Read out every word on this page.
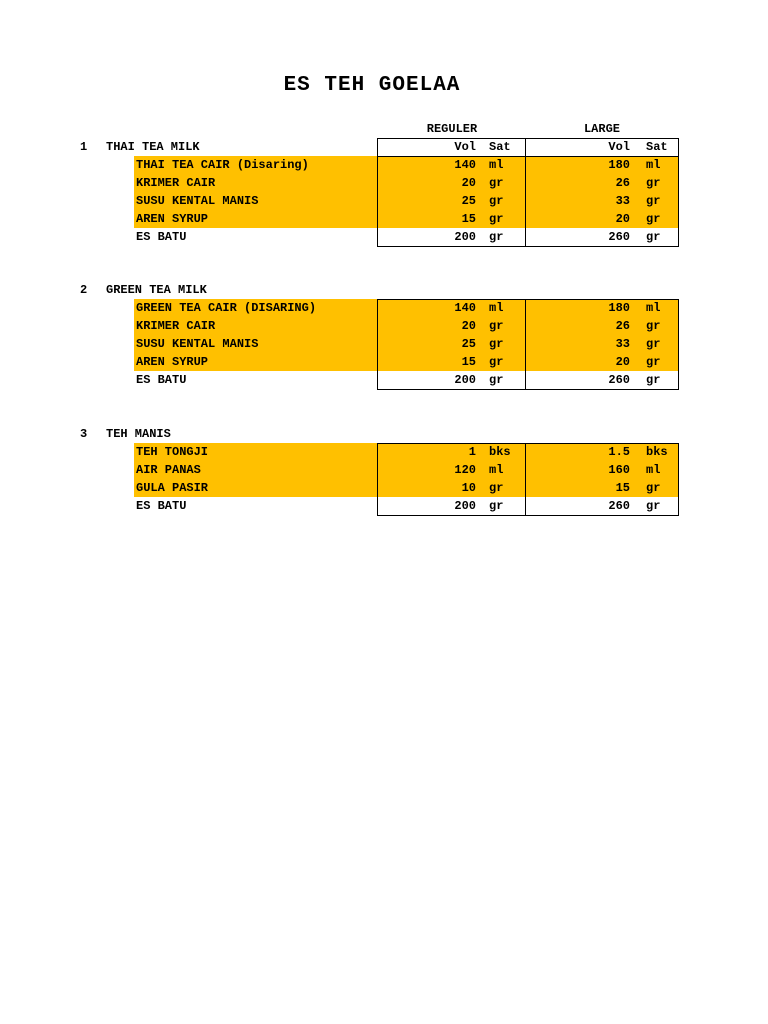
ES TEH GOELAA
REGULER	LARGE
1 THAI TEA MILK	Vol Sat	Vol Sat
THAI TEA CAIR (Disaring)	140 ml	180 ml
KRIMER CAIR	20 gr	26 gr
SUSU KENTAL MANIS	25 gr	33 gr
AREN SYRUP	15 gr	20 gr
ES BATU	200 gr	260 gr
2 GREEN TEA MILK
GREEN TEA CAIR (DISARING)	140 ml	180 ml
KRIMER CAIR	20 gr	26 gr
SUSU KENTAL MANIS	25 gr	33 gr
AREN SYRUP	15 gr	20 gr
ES BATU	200 gr	260 gr
3 TEH MANIS
TEH TONGJI	1 bks	1.5 bks
AIR PANAS	120 ml	160 ml
GULA PASIR	10 gr	15 gr
ES BATU	200 gr	260 gr
